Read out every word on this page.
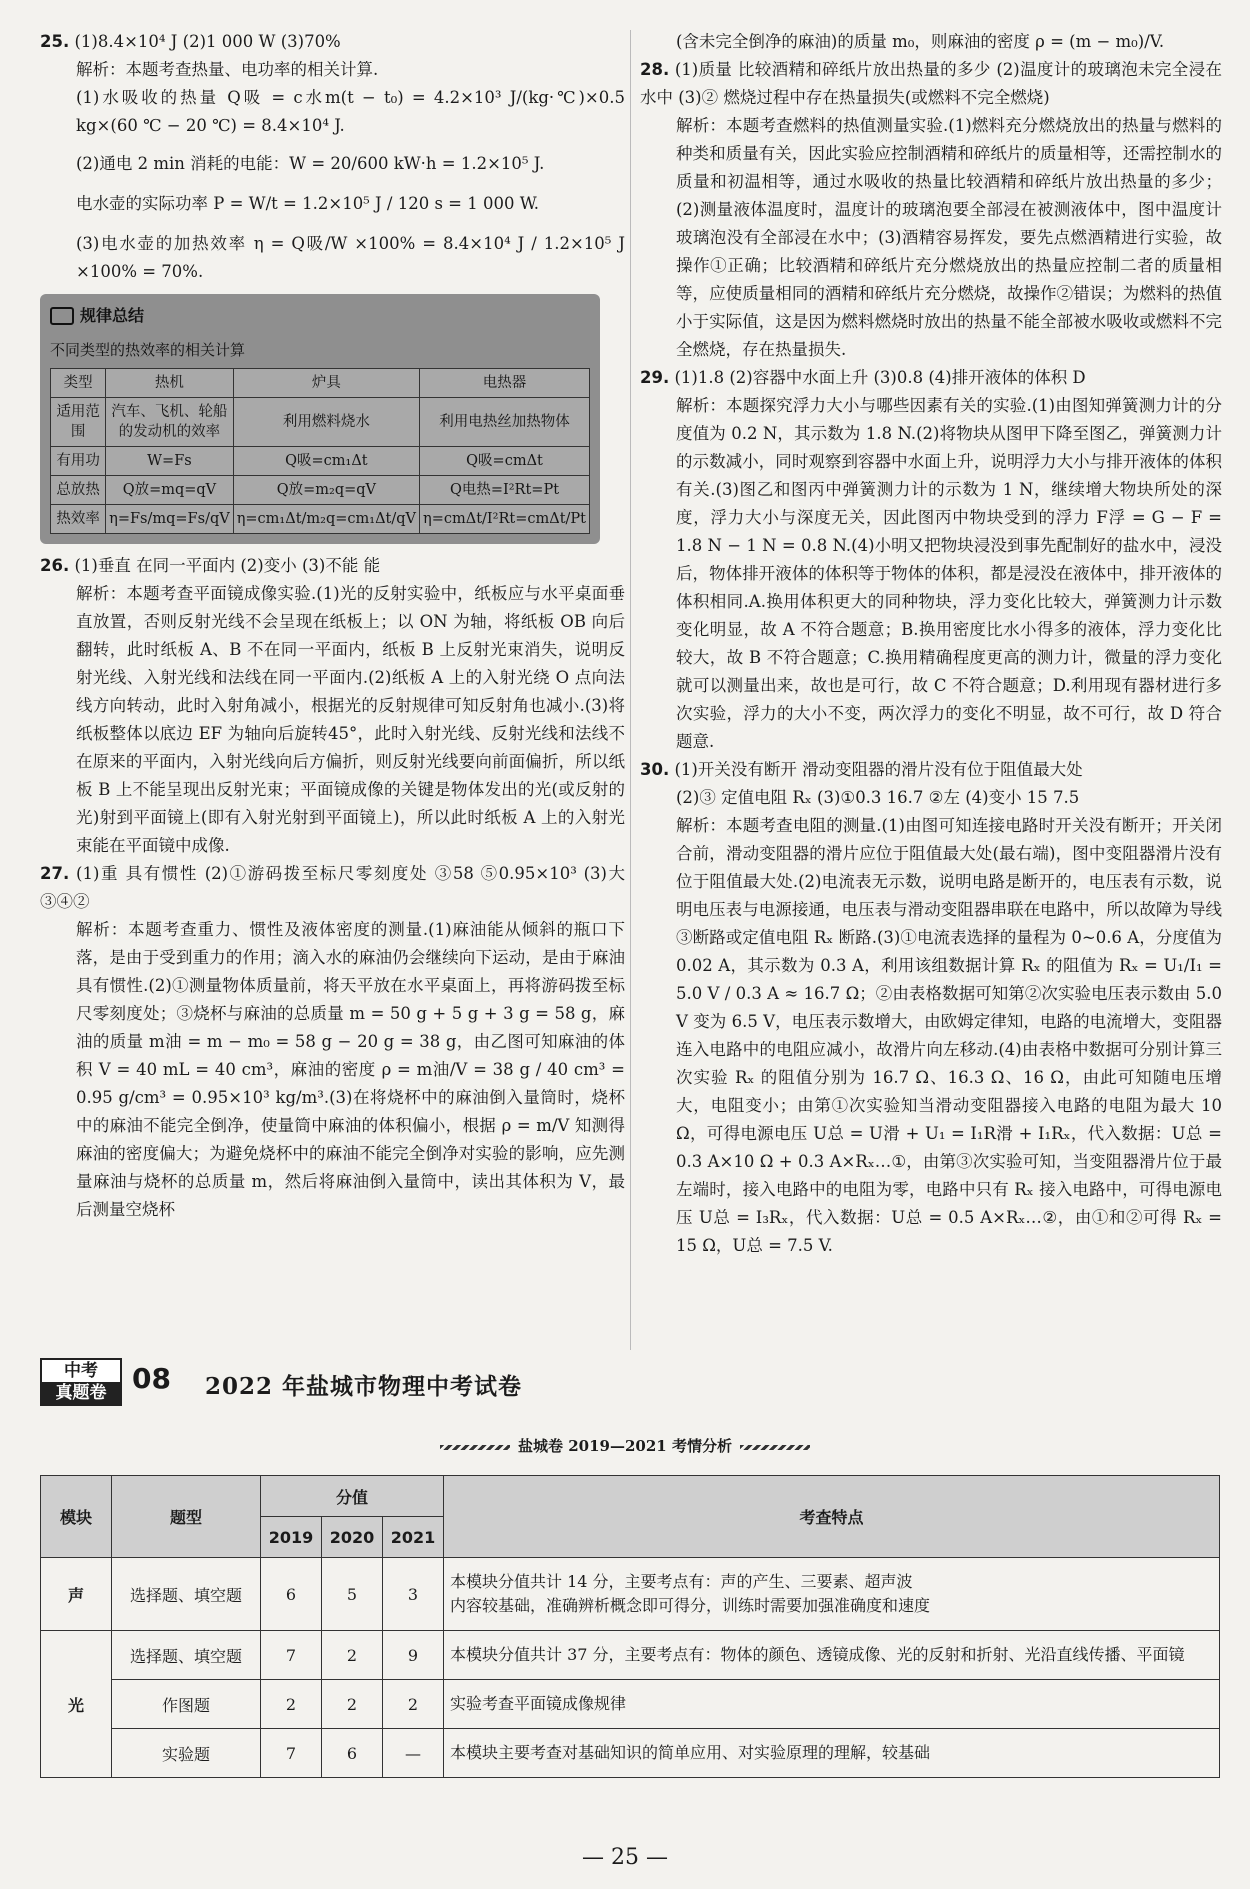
25. (1)8.4×10⁴ J (2)1 000 W (3)70%

解析：本题考查热量、电功率的相关计算.

(1)水吸收的热量 Q吸 = c水m(t − t₀) = 4.2×10³ J/(kg·℃)×0.5 kg×(60 ℃ − 20 ℃) = 8.4×10⁴ J.

(2)通电 2 min 消耗的电能：W = 20/600 kW·h = 1.2×10⁵ J.

电水壶的实际功率 P = W/t = 1.2×10⁵ J / 120 s = 1 000 W.

(3)电水壶的加热效率 η = Q吸/W ×100% = 8.4×10⁴ J / 1.2×10⁵ J ×100% = 70%.

规律总结
不同类型的热效率的相关计算
类型	热机	炉具	电热器
适用范围	汽车、飞机、轮船的发动机的效率	利用燃料烧水	利用电热丝加热物体
有用功	W=Fs	Q吸=cm₁Δt	Q吸=cmΔt
总放热	Q放=mq=qV	Q放=m₂q=qV	Q电热=I²Rt=Pt
热效率	η=Fs/mq=Fs/qV	η=cm₁Δt/m₂q=cm₁Δt/qV	η=cmΔt/I²Rt=cmΔt/Pt

26. (1)垂直 在同一平面内 (2)变小 (3)不能 能

解析：本题考查平面镜成像实验.(1)光的反射实验中，纸板应与水平桌面垂直放置，否则反射光线不会呈现在纸板上；以 ON 为轴，将纸板 OB 向后翻转，此时纸板 A、B 不在同一平面内，纸板 B 上反射光束消失，说明反射光线、入射光线和法线在同一平面内.(2)纸板 A 上的入射光绕 O 点向法线方向转动，此时入射角减小，根据光的反射规律可知反射角也减小.(3)将纸板整体以底边 EF 为轴向后旋转45°，此时入射光线、反射光线和法线不在原来的平面内，入射光线向后方偏折，则反射光线要向前面偏折，所以纸板 B 上不能呈现出反射光束；平面镜成像的关键是物体发出的光(或反射的光)射到平面镜上(即有入射光射到平面镜上)，所以此时纸板 A 上的入射光束能在平面镜中成像.

27. (1)重 具有惯性 (2)①游码拨至标尺零刻度处 ③58 ⑤0.95×10³ (3)大 ③④②

解析：本题考查重力、惯性及液体密度的测量.(1)麻油能从倾斜的瓶口下落，是由于受到重力的作用；滴入水的麻油仍会继续向下运动，是由于麻油具有惯性.(2)①测量物体质量前，将天平放在水平桌面上，再将游码拨至标尺零刻度处；③烧杯与麻油的总质量 m = 50 g + 5 g + 3 g = 58 g，麻油的质量 m油 = m − m₀ = 58 g − 20 g = 38 g，由乙图可知麻油的体积 V = 40 mL = 40 cm³，麻油的密度 ρ = m油/V = 38 g / 40 cm³ = 0.95 g/cm³ = 0.95×10³ kg/m³.(3)在将烧杯中的麻油倒入量筒时，烧杯中的麻油不能完全倒净，使量筒中麻油的体积偏小，根据 ρ = m/V 知测得麻油的密度偏大；为避免烧杯中的麻油不能完全倒净对实验的影响，应先测量麻油与烧杯的总质量 m，然后将麻油倒入量筒中，读出其体积为 V，最后测量空烧杯

(含未完全倒净的麻油)的质量 m₀，则麻油的密度 ρ = (m − m₀)/V.

28. (1)质量 比较酒精和碎纸片放出热量的多少 (2)温度计的玻璃泡未完全浸在水中 (3)② 燃烧过程中存在热量损失(或燃料不完全燃烧)

解析：本题考查燃料的热值测量实验.(1)燃料充分燃烧放出的热量与燃料的种类和质量有关，因此实验应控制酒精和碎纸片的质量相等，还需控制水的质量和初温相等，通过水吸收的热量比较酒精和碎纸片放出热量的多少；(2)测量液体温度时，温度计的玻璃泡要全部浸在被测液体中，图中温度计玻璃泡没有全部浸在水中；(3)酒精容易挥发，要先点燃酒精进行实验，故操作①正确；比较酒精和碎纸片充分燃烧放出的热量应控制二者的质量相等，应使质量相同的酒精和碎纸片充分燃烧，故操作②错误；为燃料的热值小于实际值，这是因为燃料燃烧时放出的热量不能全部被水吸收或燃料不完全燃烧，存在热量损失.

29. (1)1.8 (2)容器中水面上升 (3)0.8 (4)排开液体的体积 D

解析：本题探究浮力大小与哪些因素有关的实验.(1)由图知弹簧测力计的分度值为 0.2 N，其示数为 1.8 N.(2)将物块从图甲下降至图乙，弹簧测力计的示数减小，同时观察到容器中水面上升，说明浮力大小与排开液体的体积有关.(3)图乙和图丙中弹簧测力计的示数为 1 N，继续增大物块所处的深度，浮力大小与深度无关，因此图丙中物块受到的浮力 F浮 = G − F = 1.8 N − 1 N = 0.8 N.(4)小明又把物块浸没到事先配制好的盐水中，浸没后，物体排开液体的体积等于物体的体积，都是浸没在液体中，排开液体的体积相同.A.换用体积更大的同种物块，浮力变化比较大，弹簧测力计示数变化明显，故 A 不符合题意；B.换用密度比水小得多的液体，浮力变化比较大，故 B 不符合题意；C.换用精确程度更高的测力计，微量的浮力变化就可以测量出来，故也是可行，故 C 不符合题意；D.利用现有器材进行多次实验，浮力的大小不变，两次浮力的变化不明显，故不可行，故 D 符合题意.

30. (1)开关没有断开 滑动变阻器的滑片没有位于阻值最大处

(2)③ 定值电阻 Rₓ (3)①0.3 16.7 ②左 (4)变小 15 7.5

解析：本题考查电阻的测量.(1)由图可知连接电路时开关没有断开；开关闭合前，滑动变阻器的滑片应位于阻值最大处(最右端)，图中变阻器滑片没有位于阻值最大处.(2)电流表无示数，说明电路是断开的，电压表有示数，说明电压表与电源接通，电压表与滑动变阻器串联在电路中，所以故障为导线③断路或定值电阻 Rₓ 断路.(3)①电流表选择的量程为 0~0.6 A，分度值为 0.02 A，其示数为 0.3 A，利用该组数据计算 Rₓ 的阻值为 Rₓ = U₁/I₁ = 5.0 V / 0.3 A ≈ 16.7 Ω；②由表格数据可知第②次实验电压表示数由 5.0 V 变为 6.5 V，电压表示数增大，由欧姆定律知，电路的电流增大，变阻器连入电路中的电阻应减小，故滑片向左移动.(4)由表格中数据可分别计算三次实验 Rₓ 的阻值分别为 16.7 Ω、16.3 Ω、16 Ω，由此可知随电压增大，电阻变小；由第①次实验知当滑动变阻器接入电路的电阻为最大 10 Ω，可得电源电压 U总 = U滑 + U₁ = I₁R滑 + I₁Rₓ，代入数据：U总 = 0.3 A×10 Ω + 0.3 A×Rₓ…①，由第③次实验可知，当变阻器滑片位于最左端时，接入电路中的电阻为零，电路中只有 Rₓ 接入电路中，可得电源电压 U总 = I₃Rₓ，代入数据：U总 = 0.5 A×Rₓ…②，由①和②可得 Rₓ = 15 Ω，U总 = 7.5 V.

中考
真题卷 08 2022 年盐城市物理中考试卷
盐城卷 2019—2021 考情分析
模块	题型	分值			考查特点
		2019	2020	2021	
声	选择题、填空题	6	5	3	本模块分值共计 14 分，主要考点有：声的产生、三要素、超声波
内容较基础，准确辨析概念即可得分，训练时需要加强准确度和速度
光	选择题、填空题	7	2	9	本模块分值共计 37 分，主要考点有：物体的颜色、透镜成像、光的反射和折射、光沿直线传播、平面镜
	作图题	2	2	2	实验考查平面镜成像规律
	实验题	7	6	—	本模块主要考查对基础知识的简单应用、对实验原理的理解，较基础
— 25 —
